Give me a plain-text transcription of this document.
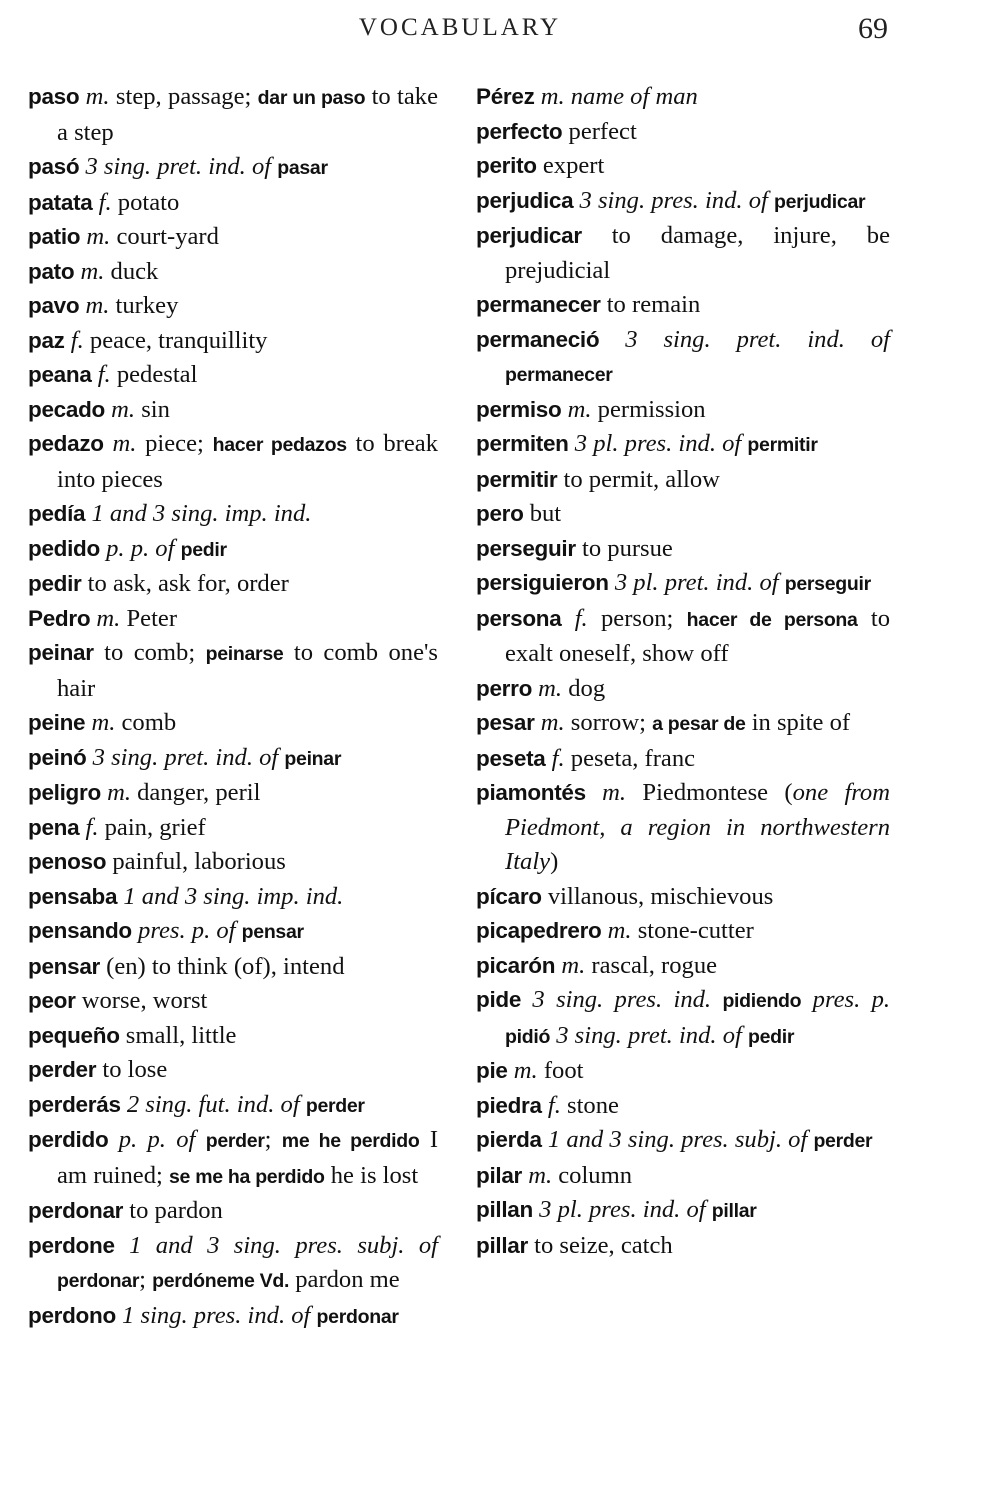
VOCABULARY	69
paso m. step, passage; dar un paso to take a step
pasó 3 sing. pret. ind. of pasar
patata f. potato
patio m. court-yard
pato m. duck
pavo m. turkey
paz f. peace, tranquillity
peana f. pedestal
pecado m. sin
pedazo m. piece; hacer pedazos to break into pieces
pedía 1 and 3 sing. imp. ind.
pedido p. p. of pedir
pedir to ask, ask for, order
Pedro m. Peter
peinar to comb; peinarse to comb one's hair
peine m. comb
peinó 3 sing. pret. ind. of peinar
peligro m. danger, peril
pena f. pain, grief
penoso painful, laborious
pensaba 1 and 3 sing. imp. ind.
pensando pres. p. of pensar
pensar (en) to think (of), intend
peor worse, worst
pequeño small, little
perder to lose
perderás 2 sing. fut. ind. of perder
perdido p. p. of perder; me he perdido I am ruined; se me ha perdido he is lost
perdonar to pardon
perdone 1 and 3 sing. pres. subj. of perdonar; perdóneme Vd. pardon me
perdono 1 sing. pres. ind. of perdonar
Pérez m. name of man
perfecto perfect
perito expert
perjudica 3 sing. pres. ind. of perjudicar
perjudicar to damage, injure, be prejudicial
permanecer to remain
permaneció 3 sing. pret. ind. of permanecer
permiso m. permission
permiten 3 pl. pres. ind. of permitir
permitir to permit, allow
pero but
perseguir to pursue
persiguieron 3 pl. pret. ind. of perseguir
persona f. person; hacer de persona to exalt oneself, show off
perro m. dog
pesar m. sorrow; a pesar de in spite of
peseta f. peseta, franc
piamontés m. Piedmontese (one from Piedmont, a region in northwestern Italy)
pícaro villanous, mischievous
picapedrero m. stone-cutter
picarón m. rascal, rogue
pide 3 sing. pres. ind. pidiendo pres. p. pidió 3 sing. pret. ind. of pedir
pie m. foot
piedra f. stone
pierda 1 and 3 sing. pres. subj. of perder
pilar m. column
pillan 3 pl. pres. ind. of pillar
pillar to seize, catch
